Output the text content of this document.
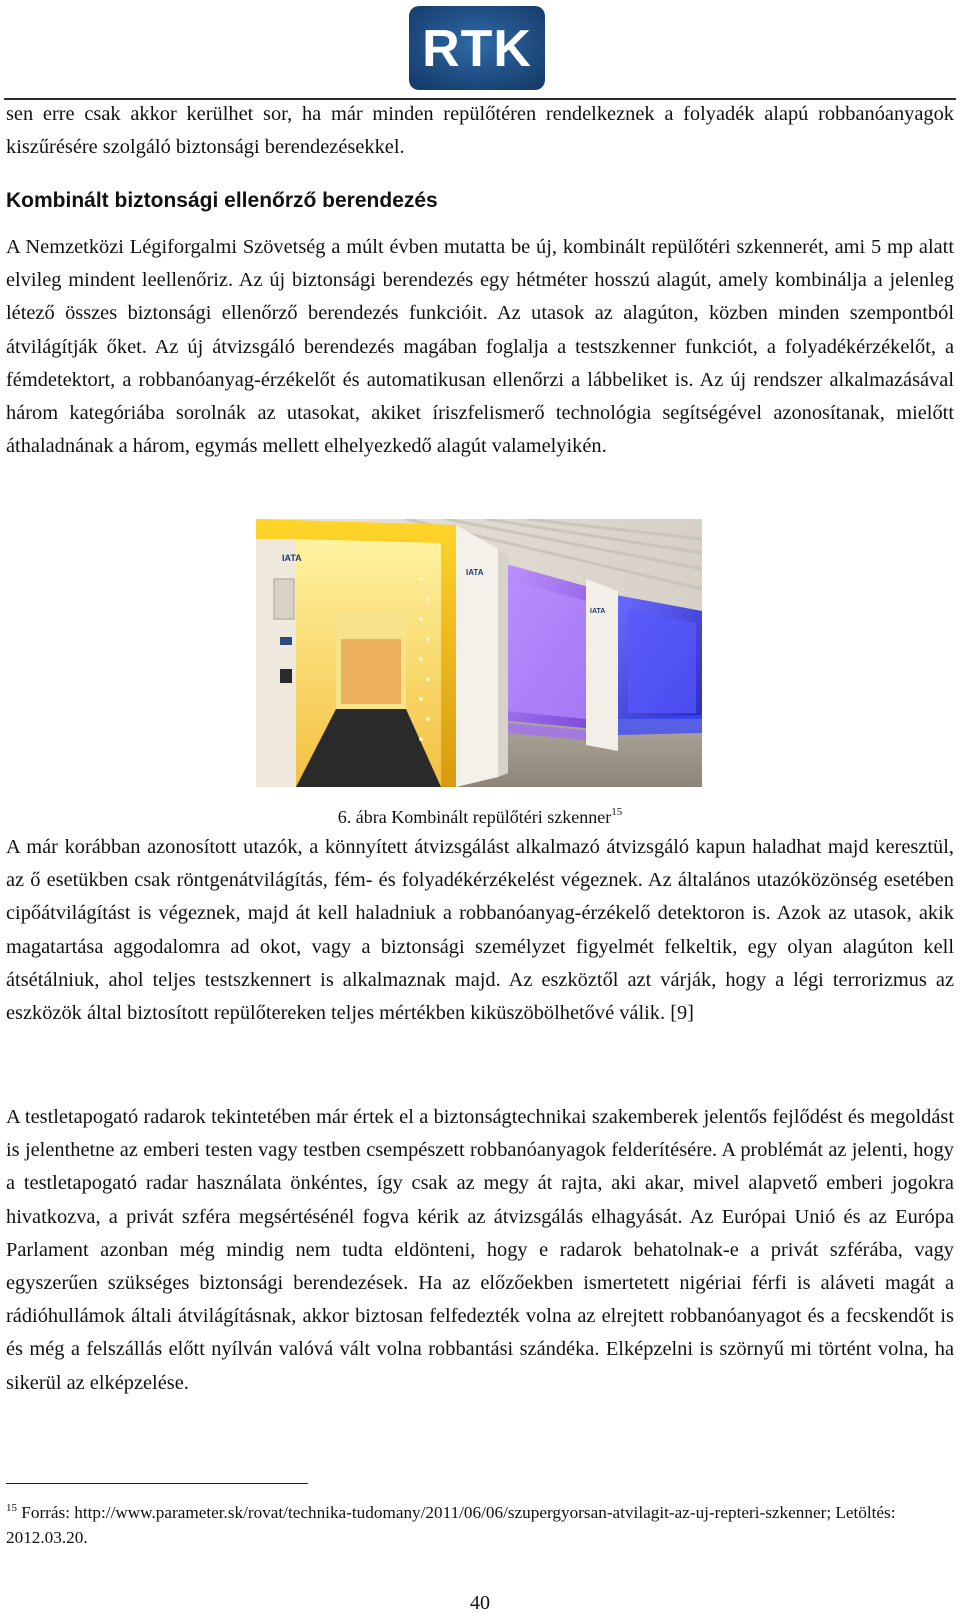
RTK

sen erre csak akkor kerülhet sor, ha már minden repülőtéren rendelkeznek a folyadék alapú robbanóanyagok kiszűrésére szolgáló biztonsági berendezésekkel.

Kombinált biztonsági ellenőrző berendezés

A Nemzetközi Légiforgalmi Szövetség a múlt évben mutatta be új, kombinált repülőtéri szkennerét, ami 5 mp alatt elvileg mindent leellenőriz. Az új biztonsági berendezés egy hétméter hosszú alagút, amely kombinálja a jelenleg létező összes biztonsági ellenőrző berendezés funkcióit. Az utasok az alagúton, közben minden szempontból átvilágítják őket. Az új átvizsgáló berendezés magában foglalja a testszkenner funkciót, a folyadékérzékelőt, a fémdetektort, a robbanóanyag-érzékelőt és automatikusan ellenőrzi a lábbeliket is. Az új rendszer alkalmazásával három kategóriába sorolnák az utasokat, akiket íriszfelismerő technológia segítségével azonosítanak, mielőtt áthaladnának a három, egymás mellett elhelyezkedő alagút valamelyikén.

IATA
IATA
IATA
6. ábra Kombinált repülőtéri szkenner$^{15}$

A már korábban azonosított utazók, a könnyített átvizsgálást alkalmazó átvizsgáló kapun haladhat majd keresztül, az ő esetükben csak röntgenátvilágítás, fém- és folyadékérzékelést végeznek. Az általános utazóközönség esetében cipőátvilágítást is végeznek, majd át kell haladniuk a robbanóanyag-érzékelő detektoron is. Azok az utasok, akik magatartása aggodalomra ad okot, vagy a biztonsági személyzet figyelmét felkeltik, egy olyan alagúton kell átsétálniuk, ahol teljes testszkennert is alkalmaznak majd. Az eszköztől azt várják, hogy a légi terrorizmus az eszközök által biztosított repülőtereken teljes mértékben kiküszöbölhetővé válik. [9]

A testletapogató radarok tekintetében már értek el a biztonságtechnikai szakemberek jelentős fejlődést és megoldást is jelenthetne az emberi testen vagy testben csempészett robbanóanyagok felderítésére. A problémát az jelenti, hogy a testletapogató radar használata önkéntes, így csak az megy át rajta, aki akar, mivel alapvető emberi jogokra hivatkozva, a privát szféra megsértésénél fogva kérik az átvizsgálás elhagyását. Az Európai Unió és az Európa Parlament azonban még mindig nem tudta eldönteni, hogy e radarok behatolnak-e a privát szférába, vagy egyszerűen szükséges biztonsági berendezések. Ha az előzőekben ismertetett nigériai férfi is aláveti magát a rádióhullámok általi átvilágításnak, akkor biztosan felfedezték volna az elrejtett robbanóanyagot és a fecskendőt is és még a felszállás előtt nyílván valóvá vált volna robbantási szándéka. Elképzelni is szörnyű mi történt volna, ha sikerül az elképzelése.

$^{15}$ Forrás: http://www.parameter.sk/rovat/technika-tudomany/2011/06/06/szupergyorsan-atvilagit-az-uj-repteri-szkenner; Letöltés: 2012.03.20.

40
